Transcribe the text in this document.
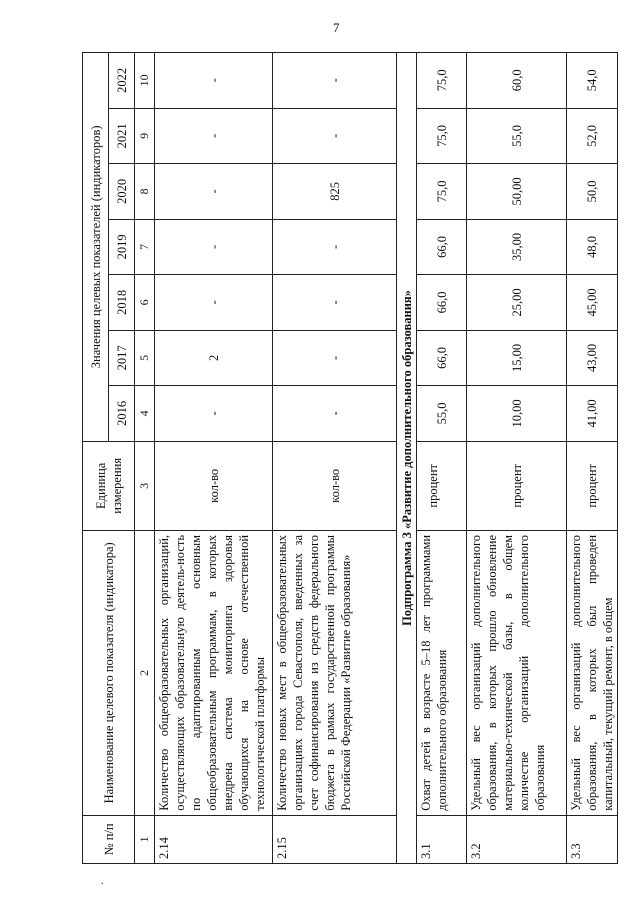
7
.
№ п/п	Наименование целевого показателя (индикатора)	Единица измерения	Значения целевых показателей (индикаторов)						
			2016	2017	2018	2019	2020	2021	2022
1	2	3	4	5	6	7	8	9	10
2.14	Количество общеобразовательных организаций, осуществляющих образовательную деятель-ность по адаптированным основным общеобразовательным программам, в которых внедрена система мониторинга здоровья обучающихся на основе отечественной технологической платформы	кол-во	-	2	-	-	-	-	-
2.15	Количество новых мест в общеобразовательных организациях города Севастополя, введенных за счет софинансирования из средств федерального бюджета в рамках государственной программы Российской Федерации «Развитие образования»	кол-во	-	-	-	-	825	-	-
Подпрограмма 3 «Развитие дополнительного образования»									
3.1	Охват детей в возрасте 5–18 лет программами дополнительного образования	процент	55,0	66,0	66,0	66,0	75,0	75,0	75,0
3.2	Удельный вес организаций дополнительного образования, в которых прошло обновление материально-технической базы, в общем количестве организаций дополнительного образования	процент	10,00	15,00	25,00	35,00	50,00	55,0	60,0
3.3	Удельный вес организаций дополнительного образования, в которых был проведен капитальный, текущий ремонт, в общем	процент	41,00	43,00	45,00	48,0	50,0	52,0	54,0
